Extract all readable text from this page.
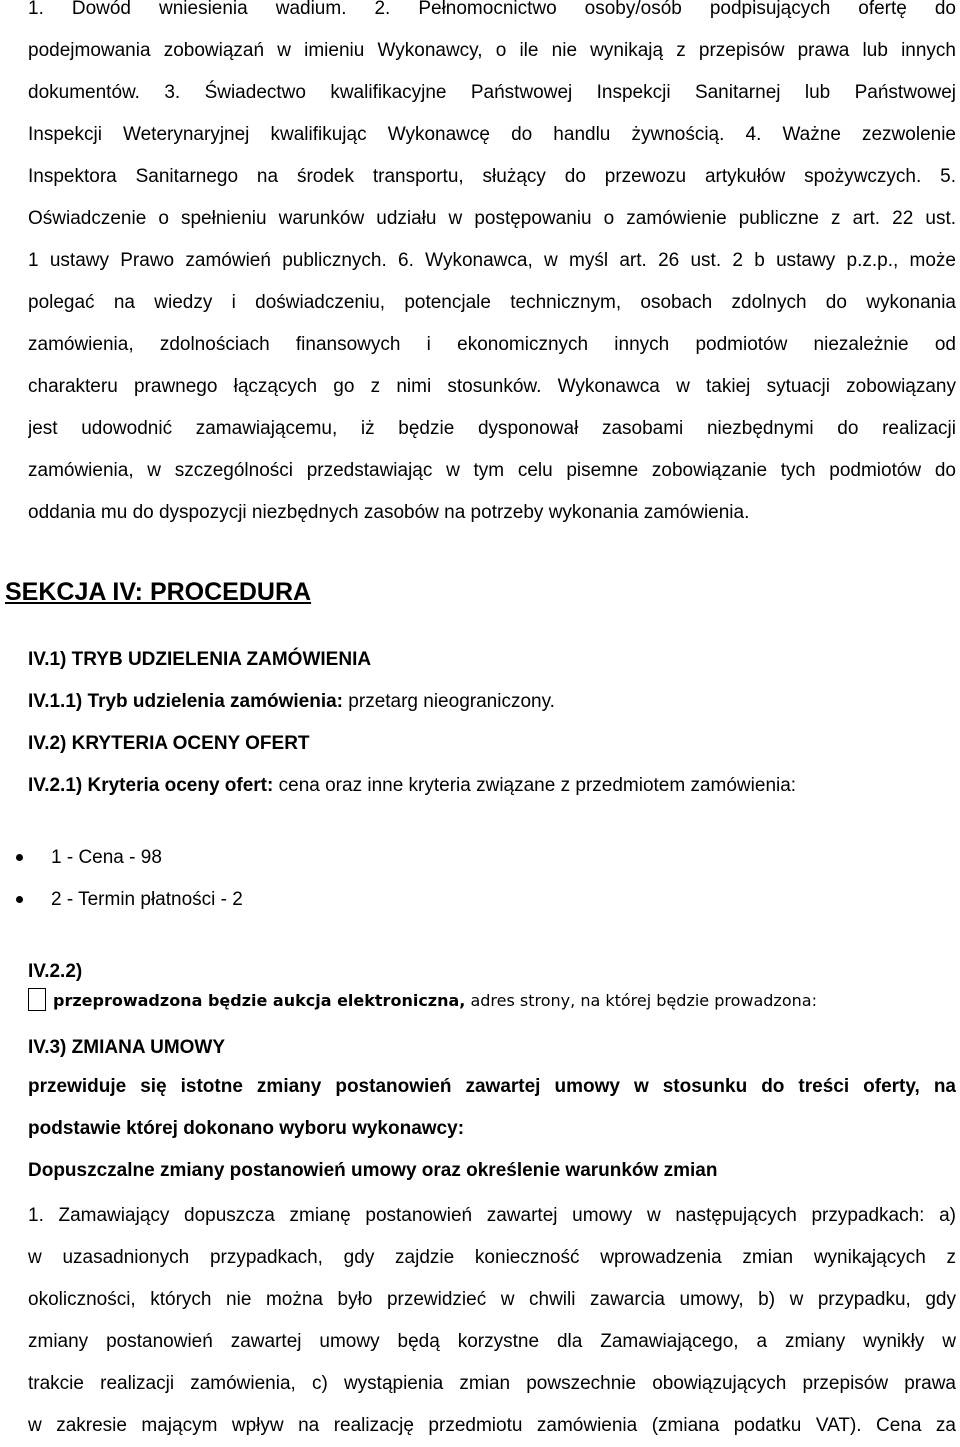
1. Dowód wniesienia wadium. 2. Pełnomocnictwo osoby/osób podpisujących ofertę do
podejmowania zobowiązań w imieniu Wykonawcy, o ile nie wynikają z przepisów prawa lub innych
dokumentów. 3. Świadectwo kwalifikacyjne Państwowej Inspekcji Sanitarnej lub Państwowej
Inspekcji Weterynaryjnej kwalifikując Wykonawcę do handlu żywnością. 4. Ważne zezwolenie
Inspektora Sanitarnego na środek transportu, służący do przewozu artykułów spożywczych. 5.
Oświadczenie o spełnieniu warunków udziału w postępowaniu o zamówienie publiczne z art. 22 ust.
1 ustawy Prawo zamówień publicznych. 6. Wykonawca, w myśl art. 26 ust. 2 b ustawy p.z.p., może
polegać na wiedzy i doświadczeniu, potencjale technicznym, osobach zdolnych do wykonania
zamówienia, zdolnościach finansowych i ekonomicznych innych podmiotów niezależnie od
charakteru prawnego łączących go z nimi stosunków. Wykonawca w takiej sytuacji zobowiązany
jest udowodnić zamawiającemu, iż będzie dysponował zasobami niezbędnymi do realizacji
zamówienia, w szczególności przedstawiając w tym celu pisemne zobowiązanie tych podmiotów do
oddania mu do dyspozycji niezbędnych zasobów na potrzeby wykonania zamówienia.
SEKCJA IV: PROCEDURA
IV.1) TRYB UDZIELENIA ZAMÓWIENIA
IV.1.1) Tryb udzielenia zamówienia: przetarg nieograniczony.
IV.2) KRYTERIA OCENY OFERT
IV.2.1) Kryteria oceny ofert: cena oraz inne kryteria związane z przedmiotem zamówienia:
1 - Cena - 98
2 - Termin płatności - 2
IV.2.2)
przeprowadzona będzie aukcja elektroniczna, adres strony, na której będzie prowadzona:
IV.3) ZMIANA UMOWY
przewiduje się istotne zmiany postanowień zawartej umowy w stosunku do treści oferty, na
podstawie której dokonano wyboru wykonawcy:
Dopuszczalne zmiany postanowień umowy oraz określenie warunków zmian
1. Zamawiający dopuszcza zmianę postanowień zawartej umowy w następujących przypadkach: a)
w uzasadnionych przypadkach, gdy zajdzie konieczność wprowadzenia zmian wynikających z
okoliczności, których nie można było przewidzieć w chwili zawarcia umowy, b) w przypadku, gdy
zmiany postanowień zawartej umowy będą korzystne dla Zamawiającego, a zmiany wynikły w
trakcie realizacji zamówienia, c) wystąpienia zmian powszechnie obowiązujących przepisów prawa
w zakresie mającym wpływ na realizację przedmiotu zamówienia (zmiana podatku VAT). Cena za
